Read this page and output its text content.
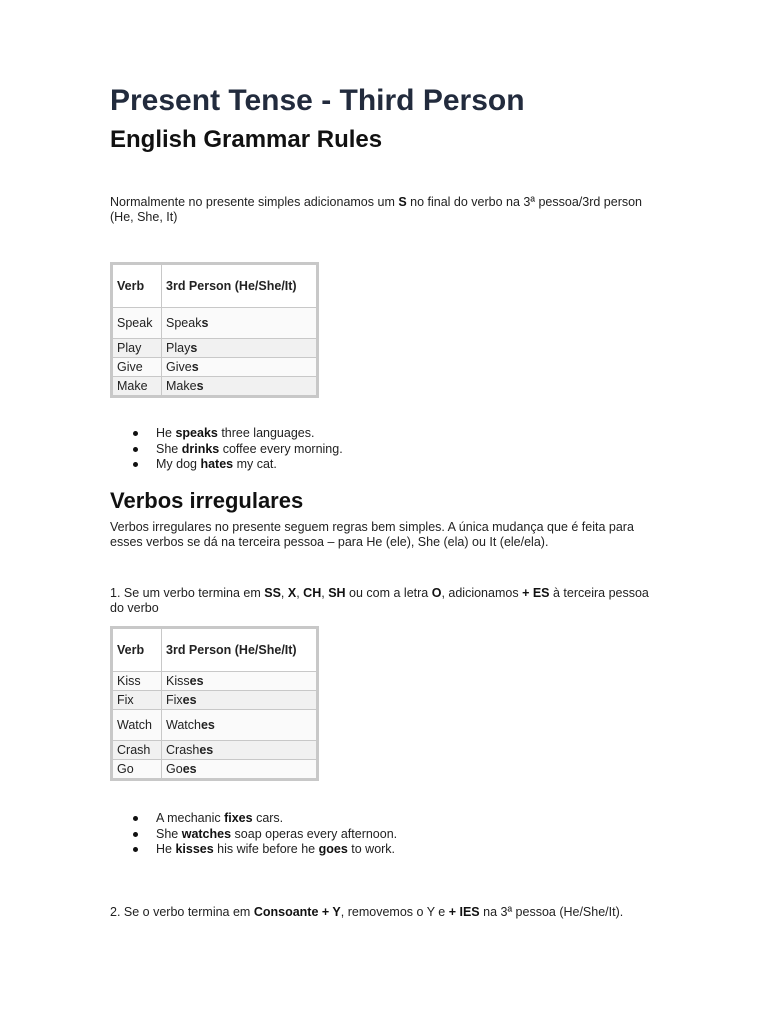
Present Tense - Third Person
English Grammar Rules
Normalmente no presente simples adicionamos um S no final do verbo na 3ª pessoa/3rd person (He, She, It)
Verb	3rd Person (He/She/It)
Speak	Speaks
Play	Plays
Give	Gives
Make	Makes
He speaks three languages.
She drinks coffee every morning.
My dog hates my cat.
Verbos irregulares
Verbos irregulares no presente seguem regras bem simples. A única mudança que é feita para esses verbos se dá na terceira pessoa – para He (ele), She (ela) ou It (ele/ela).
1. Se um verbo termina em SS, X, CH, SH ou com a letra O, adicionamos + ES à terceira pessoa do verbo
Verb	3rd Person (He/She/It)
Kiss	Kisses
Fix	Fixes
Watch	Watches
Crash	Crashes
Go	Goes
A mechanic fixes cars.
She watches soap operas every afternoon.
He kisses his wife before he goes to work.
2. Se o verbo termina em Consoante + Y, removemos o Y e + IES na 3ª pessoa (He/She/It).
